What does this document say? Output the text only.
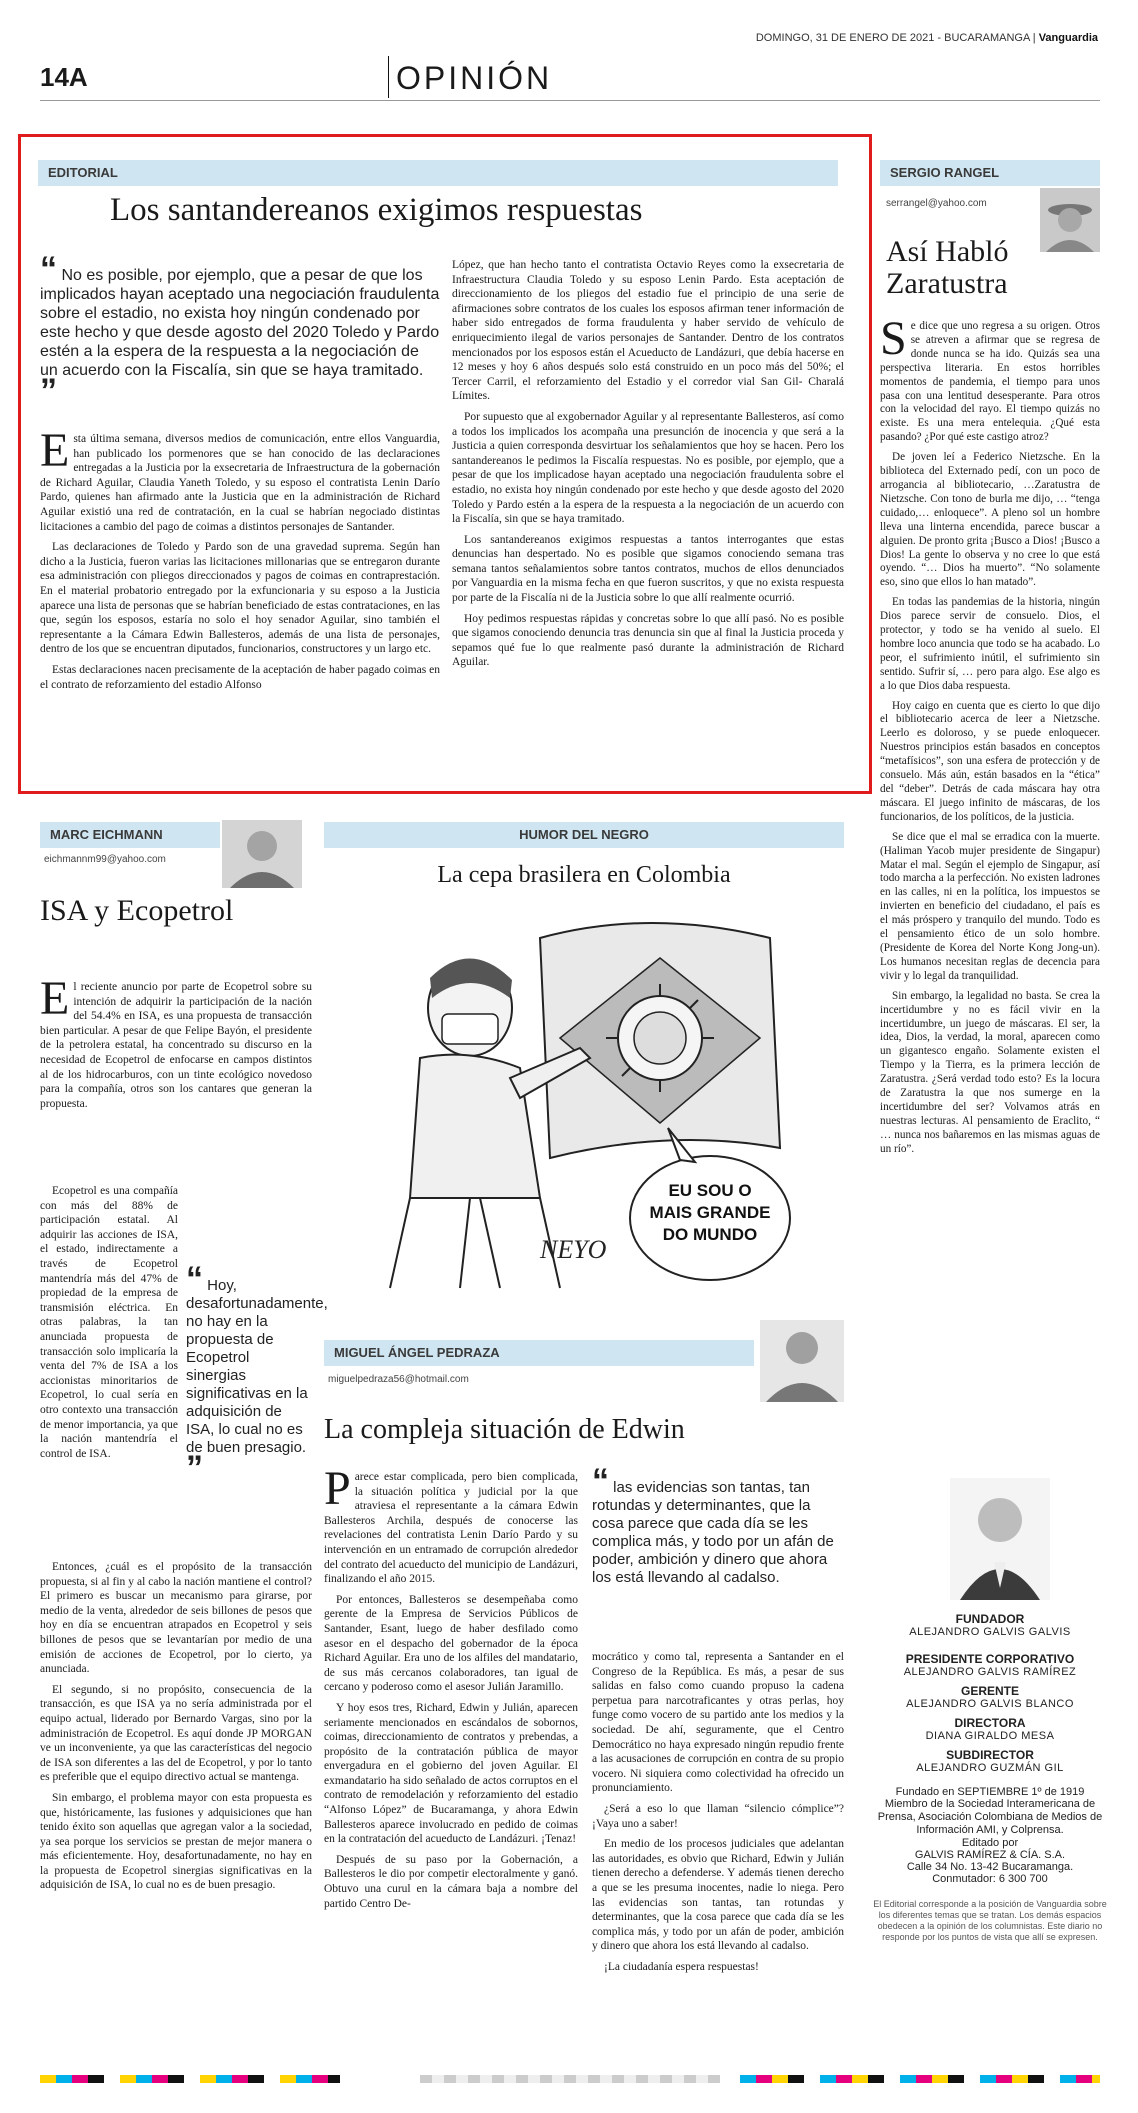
DOMINGO, 31 DE ENERO DE 2021 - BUCARAMANGA | Vanguardia
14A	OPINIÓN
EDITORIAL
Los santandereanos exigimos respuestas
“ No es posible, por ejemplo, que a pesar de que los implicados hayan aceptado una negociación fraudulenta sobre el estadio, no exista hoy ningún condenado por este hecho y que desde agosto del 2020 Toledo y Pardo estén a la espera de la respuesta a la negociación de un acuerdo con la Fiscalía, sin que se haya tramitado. ”
E sta última semana, diversos medios de comunicación, entre ellos Vanguardia, han publicado los pormenores que se han conocido de las declaraciones entregadas a la Justicia por la exsecretaria de Infraestructura de la gobernación de Richard Aguilar, Claudia Yaneth Toledo, y su esposo el contratista Lenin Darío Pardo, quienes han afirmado ante la Justicia que en la administración de Richard Aguilar existió una red de contratación, en la cual se habrían negociado distintas licitaciones a cambio del pago de coimas a distintos personajes de Santander.

Las declaraciones de Toledo y Pardo son de una gravedad suprema. Según han dicho a la Justicia, fueron varias las licitaciones millonarias que se entregaron durante esa administración con pliegos direccionados y pagos de coimas en contraprestación. En el material probatorio entregado por la exfuncionaria y su esposo a la Justicia aparece una lista de personas que se habrían beneficiado de estas contrataciones, en las que, según los esposos, estaría no solo el hoy senador Aguilar, sino también el representante a la Cámara Edwin Ballesteros, además de una lista de personajes, dentro de los que se encuentran diputados, funcionarios, constructores y un largo etc.

Estas declaraciones nacen precisamente de la aceptación de haber pagado coimas en el contrato de reforzamiento del estadio Alfonso

López, que han hecho tanto el contratista Octavio Reyes como la exsecretaria de Infraestructura Claudia Toledo y su esposo Lenin Pardo. Esta aceptación de direccionamiento de los pliegos del estadio fue el principio de una serie de afirmaciones sobre contratos de los cuales los esposos afirman tener información de haber sido entregados de forma fraudulenta y haber servido de vehículo de enriquecimiento ilegal de varios personajes de Santander. Dentro de los contratos mencionados por los esposos están el Acueducto de Landázuri, que debía hacerse en 12 meses y hoy 6 años después solo está construido en un poco más del 50%; el Tercer Carril, el reforzamiento del Estadio y el corredor vial San Gil- Charalá Límites.

Por supuesto que al exgobernador Aguilar y al representante Ballesteros, así como a todos los implicados los acompaña una presunción de inocencia y que será a la Justicia a quien corresponda desvirtuar los señalamientos que hoy se hacen. Pero los santandereanos le pedimos la Fiscalía respuestas. No es posible, por ejemplo, que a pesar de que los implicadose hayan aceptado una negociación fraudulenta sobre el estadio, no exista hoy ningún condenado por este hecho y que desde agosto del 2020 Toledo y Pardo estén a la espera de la respuesta a la negociación de un acuerdo con la Fiscalía, sin que se haya tramitado.

Los santandereanos exigimos respuestas a tantos interrogantes que estas denuncias han despertado. No es posible que sigamos conociendo semana tras semana tantos señalamientos sobre tantos contratos, muchos de ellos denunciados por Vanguardia en la misma fecha en que fueron suscritos, y que no exista respuesta por parte de la Fiscalía ni de la Justicia sobre lo que allí realmente ocurrió.

Hoy pedimos respuestas rápidas y concretas sobre lo que allí pasó. No es posible que sigamos conociendo denuncia tras denuncia sin que al final la Justicia proceda y sepamos qué fue lo que realmente pasó durante la administración de Richard Aguilar.

SERGIO RANGEL
serrangel@yahoo.com
Así Habló Zaratustra
S e dice que uno regresa a su origen. Otros se atreven a afirmar que se regresa de donde nunca se ha ido. Quizás sea una perspectiva literaria. En estos horribles momentos de pandemia, el tiempo para unos pasa con una lentitud desesperante. Para otros con la velocidad del rayo. El tiempo quizás no existe. Es una mera entelequia. ¿Qué esta pasando? ¿Por qué este castigo atroz?

De joven leí a Federico Nietzsche. En la biblioteca del Externado pedí, con un poco de arrogancia al bibliotecario, …Zaratustra de Nietzsche. Con tono de burla me dijo, … “tenga cuidado,… enloquece”. A pleno sol un hombre lleva una linterna encendida, parece buscar a alguien. De pronto grita ¡Busco a Dios! ¡Busco a Dios! La gente lo observa y no cree lo que está oyendo. “… Dios ha muerto”. “No solamente eso, sino que ellos lo han matado”.

En todas las pandemias de la historia, ningún Dios parece servir de consuelo. Dios, el protector, y todo se ha venido al suelo. El hombre loco anuncia que todo se ha acabado. Lo peor, el sufrimiento inútil, el sufrimiento sin sentido. Sufrir sí, … pero para algo. Ese algo es a lo que Dios daba respuesta.

Hoy caigo en cuenta que es cierto lo que dijo el bibliotecario acerca de leer a Nietzsche. Leerlo es doloroso, y se puede enloquecer. Nuestros principios están basados en conceptos “metafísicos”, son una esfera de protección y de consuelo. Más aún, están basados en la “ética” del “deber”. Detrás de cada máscara hay otra máscara. El juego infinito de máscaras, de los funcionarios, de los políticos, de la justicia.

Se dice que el mal se erradica con la muerte. (Haliman Yacob mujer presidente de Singapur) Matar el mal. Según el ejemplo de Singapur, así todo marcha a la perfección. No existen ladrones en las calles, ni en la política, los impuestos se invierten en beneficio del ciudadano, el país es el más próspero y tranquilo del mundo. Todo es el pensamiento ético de un solo hombre. (Presidente de Korea del Norte Kong Jong-un). Los humanos necesitan reglas de decencia para vivir y lo legal da tranquilidad.

Sin embargo, la legalidad no basta. Se crea la incertidumbre y no es fácil vivir en la incertidumbre, un juego de máscaras. El ser, la idea, Dios, la verdad, la moral, aparecen como un gigantesco engaño. Solamente existen el Tiempo y la Tierra, es la primera lección de Zaratustra. ¿Será verdad todo esto? Es la locura de Zaratustra la que nos sumerge en la incertidumbre del ser? Volvamos atrás en nuestras lecturas. Al pensamiento de Eraclito, “ … nunca nos bañaremos en las mismas aguas de un río”.

MARC EICHMANN
eichmannm99@yahoo.com
ISA y Ecopetrol
E l reciente anuncio por parte de Ecopetrol sobre su intención de adquirir la participación de la nación del 54.4% en ISA, es una propuesta de transacción bien particular. A pesar de que Felipe Bayón, el presidente de la petrolera estatal, ha concentrado su discurso en la necesidad de Ecopetrol de enfocarse en campos distintos al de los hidrocarburos, con un tinte ecológico novedoso para la compañía, otros son los cantares que generan la propuesta.

Ecopetrol es una compañía con más del 88% de participación estatal. Al adquirir las acciones de ISA, el estado, indirectamente a través de Ecopetrol mantendría más del 47% de propiedad de la empresa de transmisión eléctrica. En otras palabras, la tan anunciada propuesta de transacción solo implicaría la venta del 7% de ISA a los accionistas minoritarios de Ecopetrol, lo cual sería en otro contexto una transacción de menor importancia, ya que la nación mantendría el control de ISA.

“ Hoy, desafortunadamente, no hay en la propuesta de Ecopetrol sinergias significativas en la adquisición de ISA, lo cual no es de buen presagio. ”

Entonces, ¿cuál es el propósito de la transacción propuesta, si al fin y al cabo la nación mantiene el control? El primero es buscar un mecanismo para girarse, por medio de la venta, alrededor de seis billones de pesos que hoy en día se encuentran atrapados en Ecopetrol y seis billones de pesos que se levantarían por medio de una emisión de acciones de Ecopetrol, por lo cierto, ya anunciada.

El segundo, si no propósito, consecuencia de la transacción, es que ISA ya no sería administrada por el equipo actual, liderado por Bernardo Vargas, sino por la administración de Ecopetrol. Es aquí donde JP MORGAN ve un inconveniente, ya que las características del negocio de ISA son diferentes a las del de Ecopetrol, y por lo tanto es preferible que el equipo directivo actual se mantenga.

Sin embargo, el problema mayor con esta propuesta es que, históricamente, las fusiones y adquisiciones que han tenido éxito son aquellas que agregan valor a la sociedad, ya sea porque los servicios se prestan de mejor manera o más eficientemente. Hoy, desafortunadamente, no hay en la propuesta de Ecopetrol sinergias significativas en la adquisición de ISA, lo cual no es de buen presagio.

HUMOR DEL NEGRO
La cepa brasilera en Colombia
EU SOU O
MAIS GRANDE
DO MUNDO
NEYO
MIGUEL ÁNGEL PEDRAZA
miguelpedraza56@hotmail.com
La compleja situación de Edwin
P arece estar complicada, pero bien complicada, la situación política y judicial por la que atraviesa el representante a la cámara Edwin Ballesteros Archila, después de conocerse las revelaciones del contratista Lenin Darío Pardo y su intervención en un entramado de corrupción alrededor del contrato del acueducto del municipio de Landázuri, finalizando el año 2015.

Por entonces, Ballesteros se desempeñaba como gerente de la Empresa de Servicios Públicos de Santander, Esant, luego de haber desfilado como asesor en el despacho del gobernador de la época Richard Aguilar. Era uno de los alfiles del mandatario, de sus más cercanos colaboradores, tan igual de cercano y poderoso como el asesor Julián Jaramillo.

Y hoy esos tres, Richard, Edwin y Julián, aparecen seriamente mencionados en escándalos de sobornos, coimas, direccionamiento de contratos y prebendas, a propósito de la contratación pública de mayor envergadura en el gobierno del joven Aguilar. El exmandatario ha sido señalado de actos corruptos en el contrato de remodelación y reforzamiento del estadio “Alfonso López” de Bucaramanga, y ahora Edwin Ballesteros aparece involucrado en pedido de coimas en la contratación del acueducto de Landázuri. ¡Tenaz!

Después de su paso por la Gobernación, a Ballesteros le dio por competir electoralmente y ganó. Obtuvo una curul en la cámara baja a nombre del partido Centro De-

“ las evidencias son tantas, tan rotundas y determinantes, que la cosa parece que cada día se les complica más, y todo por un afán de poder, ambición y dinero que ahora los está llevando al cadalso.

mocrático y como tal, representa a Santander en el Congreso de la República. Es más, a pesar de sus salidas en falso como cuando propuso la cadena perpetua para narcotraficantes y otras perlas, hoy funge como vocero de su partido ante los medios y la sociedad. De ahí, seguramente, que el Centro Democrático no haya expresado ningún repudio frente a las acusaciones de corrupción en contra de su propio vocero. Ni siquiera como colectividad ha ofrecido un pronunciamiento.

¿Será a eso lo que llaman “silencio cómplice”? ¡Vaya uno a saber!

En medio de los procesos judiciales que adelantan las autoridades, es obvio que Richard, Edwin y Julián tienen derecho a defenderse. Y además tienen derecho a que se les presuma inocentes, nadie lo niega. Pero las evidencias son tantas, tan rotundas y determinantes, que la cosa parece que cada día se les complica más, y todo por un afán de poder, ambición y dinero que ahora los está llevando al cadalso.

¡La ciudadanía espera respuestas!

FUNDADOR
ALEJANDRO GALVIS GALVIS
PRESIDENTE CORPORATIVO
ALEJANDRO GALVIS RAMÍREZ
GERENTE
ALEJANDRO GALVIS BLANCO
DIRECTORA
DIANA GIRALDO MESA
SUBDIRECTOR
ALEJANDRO GUZMÁN GIL
Fundado en SEPTIEMBRE 1º de 1919
Miembro de la Sociedad Interamericana de Prensa, Asociación Colombiana de Medios de Información AMI, y Colprensa.
Editado por
GALVIS RAMÍREZ & CÍA. S.A.
Calle 34 No. 13-42 Bucaramanga.
Conmutador: 6 300 700
El Editorial corresponde a la posición de Vanguardia sobre los diferentes temas que se tratan. Los demás espacios obedecen a la opinión de los columnistas. Este diario no responde por los puntos de vista que allí se expresen.
